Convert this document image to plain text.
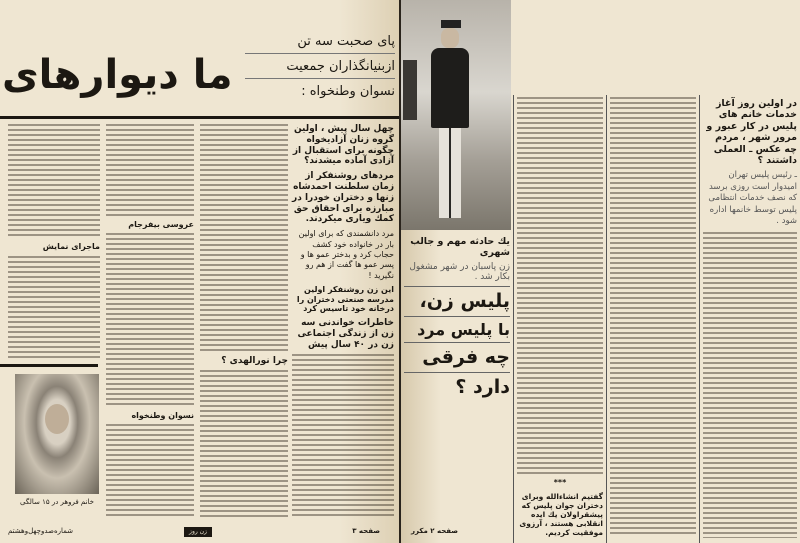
ما دیوارهای
پای صحبت سه تن
ازبنیانگذاران جمعیت
نسوان وطنخواه :
چهل سال پیش ، اولین گروه زنان آزادیخواه چگونه برای استقبال از آزادی آماده میشدند؟
مردهای روشنفکر از زمان سلطنت احمدشاه زنها و دختران خودرا در مبارزه برای احقاق حق کمك وياری میکردند.
مرد دانشمندی که برای اولین بار در خانواده خود کشف حجاب کرد و بدختر عمو ها و پسر عمو ها گفت از هم رو نگیرید !
این زن روشنفکر اولین مدرسه صنعتی دختران را درخانه خود تاسیس کرد
خاطرات خواندنی سه زن از زندگی اجتماعی زن در ۴۰ سال پیش
چرا نورالهدی ؟
عروسی بیفرجام
نسوان وطنخواه
ماجرای نمایش
خانم فروهر در ۱۵ سالگی
شماره‌صدوچهل‌وهشتم	زن روز	صفحه ۳
يك حادثه مهم و جالب شهری
زن پاسبان در شهر مشغول بکار شد .
پلیس زن،
با پلیس مرد
چه فرقی
دارد ؟
صفحه ۲ مكرر
***
گفتیم انشاءالله وبرای دختران جوان پلیس که پیشقراولان يك ایده انقلابی هستند ، آرزوی موفقیت کردیم.
در اولین روز آغاز خدمات خانم های پلیس در کار عبور و مرور شهر ، مردم چه عکس ـ العملی داشتند ؟
ـ رئیس پلیس تهران امیدوار است روزی برسد که نصف خدمات انتظامی پلیس توسط خانمها اداره شود .
